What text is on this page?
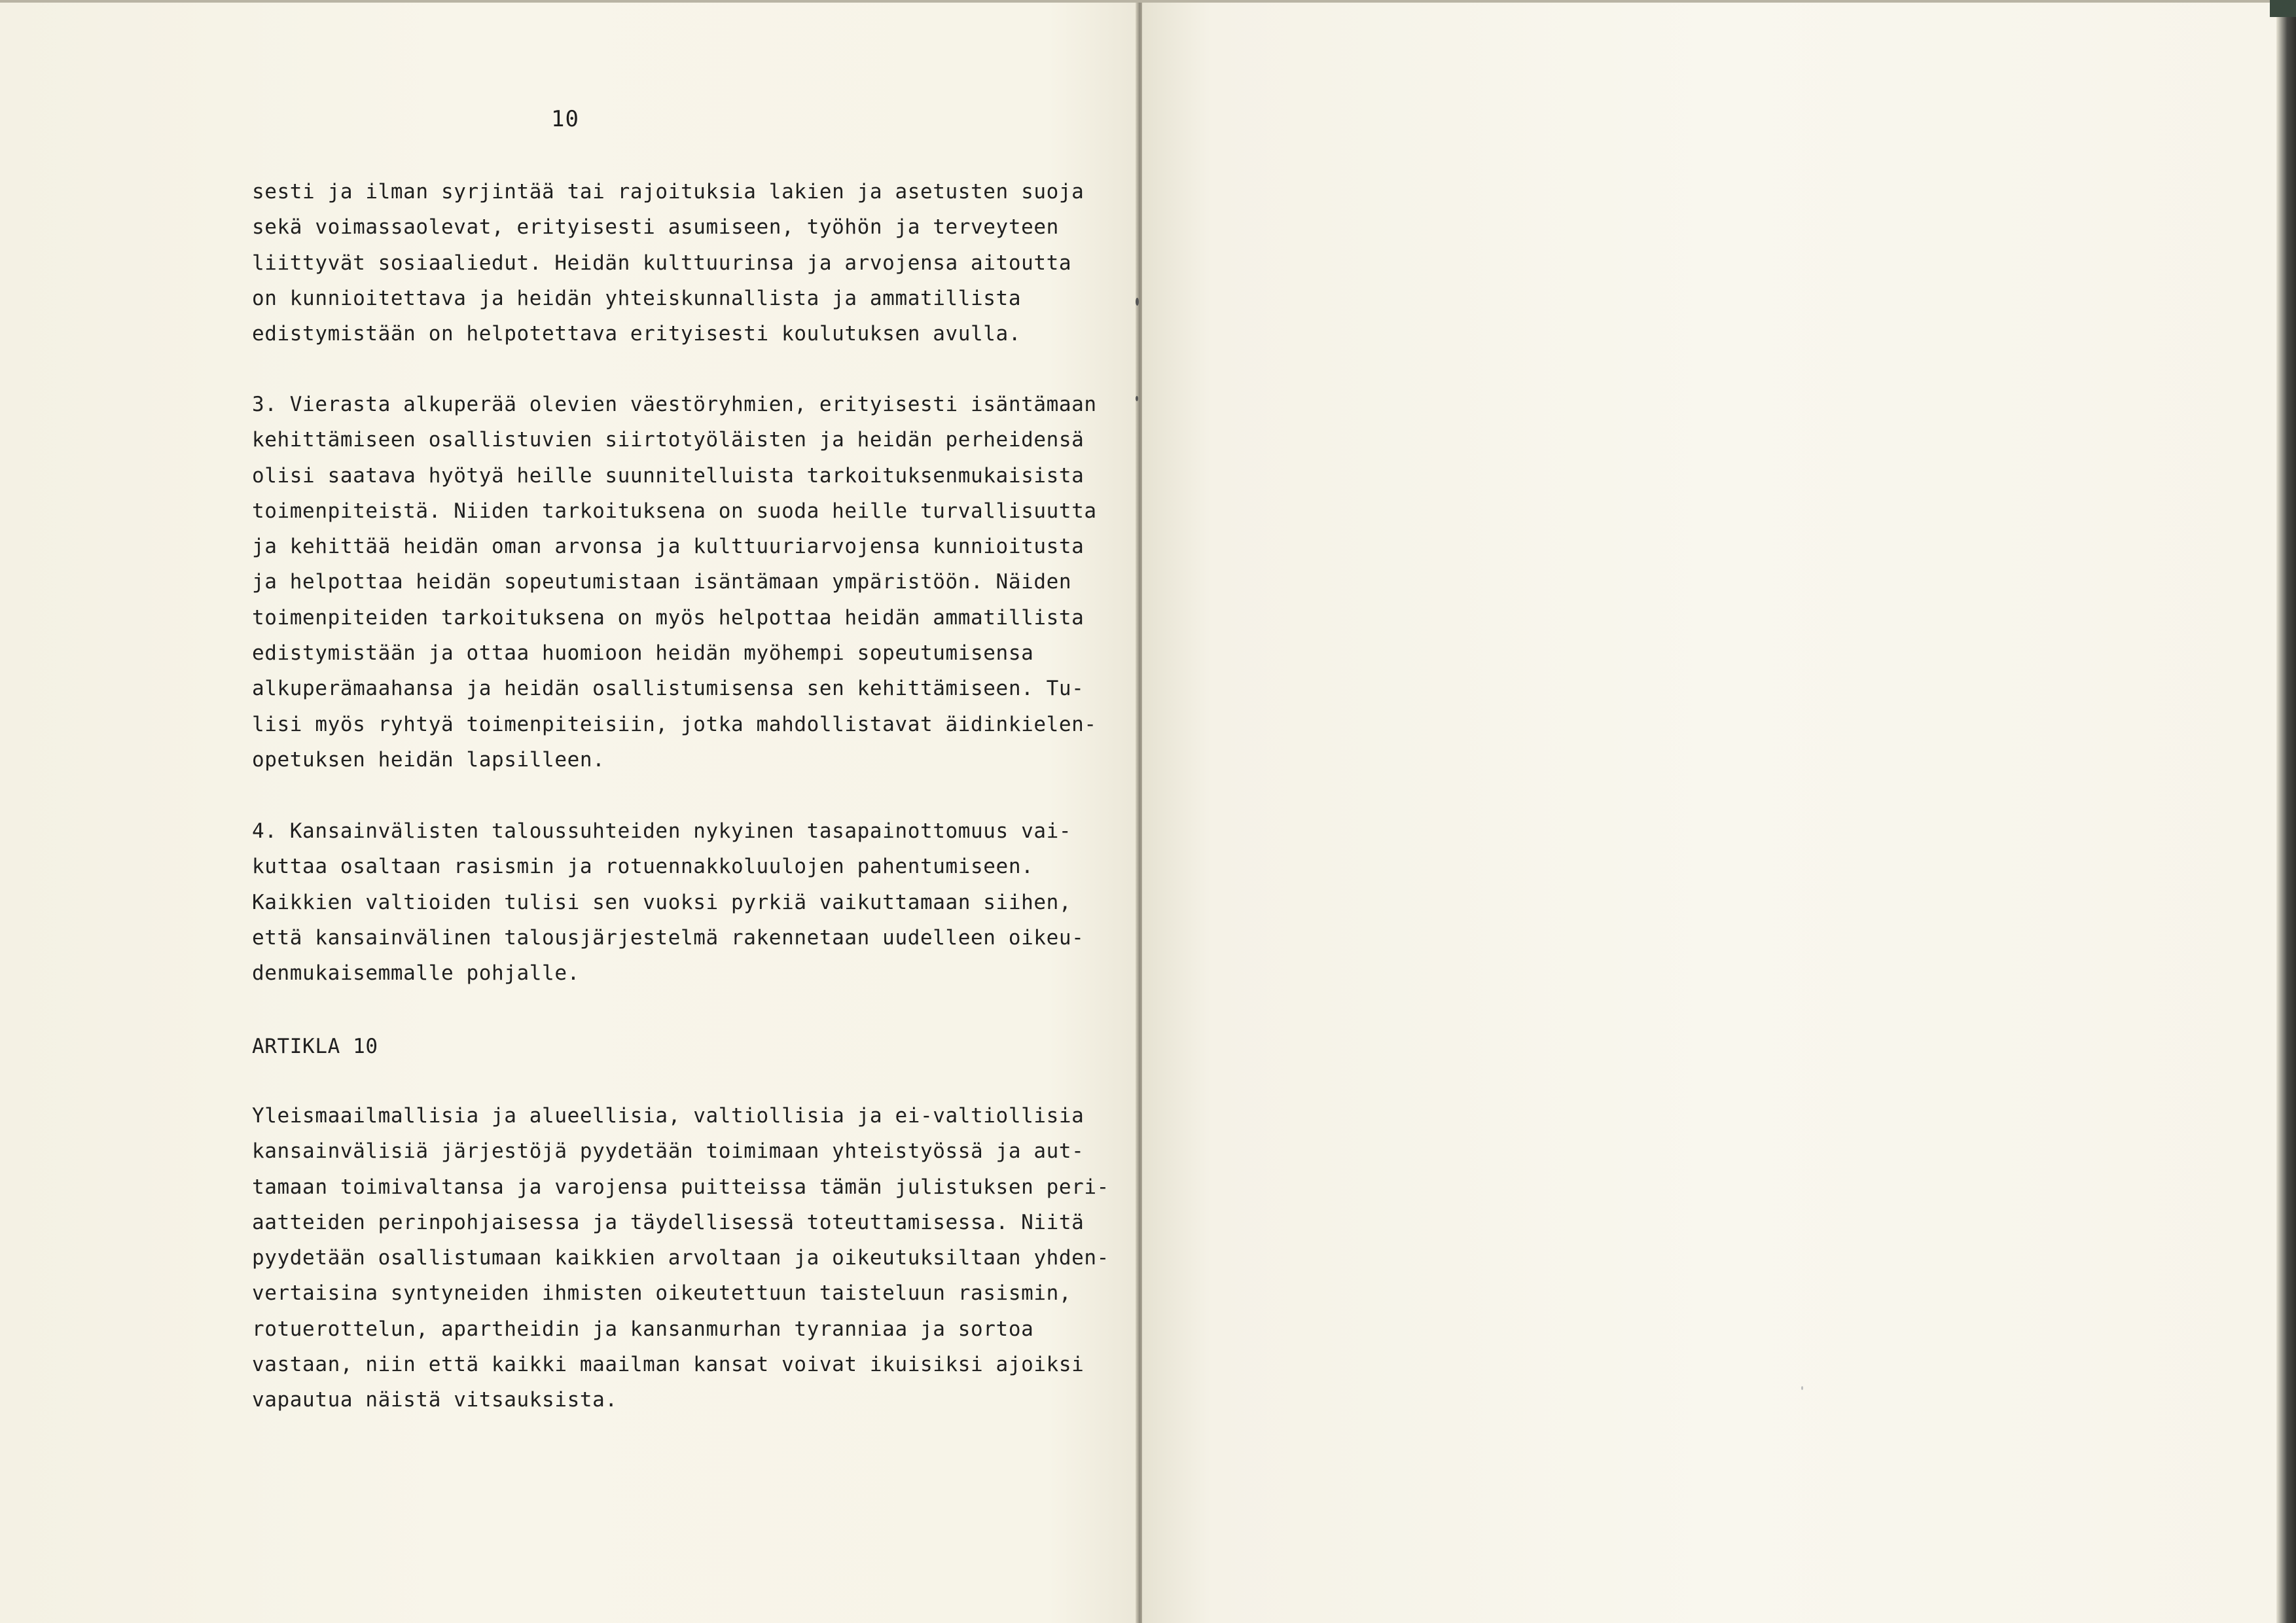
10
sesti ja ilman syrjintää tai rajoituksia lakien ja asetusten suoja
sekä voimassaolevat, erityisesti asumiseen, työhön ja terveyteen
liittyvät sosiaaliedut. Heidän kulttuurinsa ja arvojensa aitoutta
on kunnioitettava ja heidän yhteiskunnallista ja ammatillista
edistymistään on helpotettava erityisesti koulutuksen avulla.
3. Vierasta alkuperää olevien väestöryhmien, erityisesti isäntämaan
kehittämiseen osallistuvien siirtotyöläisten ja heidän perheidensä
olisi saatava hyötyä heille suunnitelluista tarkoituksenmukaisista
toimenpiteistä. Niiden tarkoituksena on suoda heille turvallisuutta
ja kehittää heidän oman arvonsa ja kulttuuriarvojensa kunnioitusta
ja helpottaa heidän sopeutumistaan isäntämaan ympäristöön. Näiden
toimenpiteiden tarkoituksena on myös helpottaa heidän ammatillista
edistymistään ja ottaa huomioon heidän myöhempi sopeutumisensa
alkuperämaahansa ja heidän osallistumisensa sen kehittämiseen. Tu-
lisi myös ryhtyä toimenpiteisiin, jotka mahdollistavat äidinkielen-
opetuksen heidän lapsilleen.
4. Kansainvälisten taloussuhteiden nykyinen tasapainottomuus vai-
kuttaa osaltaan rasismin ja rotuennakkoluulojen pahentumiseen.
Kaikkien valtioiden tulisi sen vuoksi pyrkiä vaikuttamaan siihen,
että kansainvälinen talousjärjestelmä rakennetaan uudelleen oikeu-
denmukaisemmalle pohjalle.
ARTIKLA 10
Yleismaailmallisia ja alueellisia, valtiollisia ja ei-valtiollisia
kansainvälisiä järjestöjä pyydetään toimimaan yhteistyössä ja aut-
tamaan toimivaltansa ja varojensa puitteissa tämän julistuksen peri-
aatteiden perinpohjaisessa ja täydellisessä toteuttamisessa. Niitä
pyydetään osallistumaan kaikkien arvoltaan ja oikeutuksiltaan yhden-
vertaisina syntyneiden ihmisten oikeutettuun taisteluun rasismin,
rotuerottelun, apartheidin ja kansanmurhan tyranniaa ja sortoa
vastaan, niin että kaikki maailman kansat voivat ikuisiksi ajoiksi
vapautua näistä vitsauksista.
